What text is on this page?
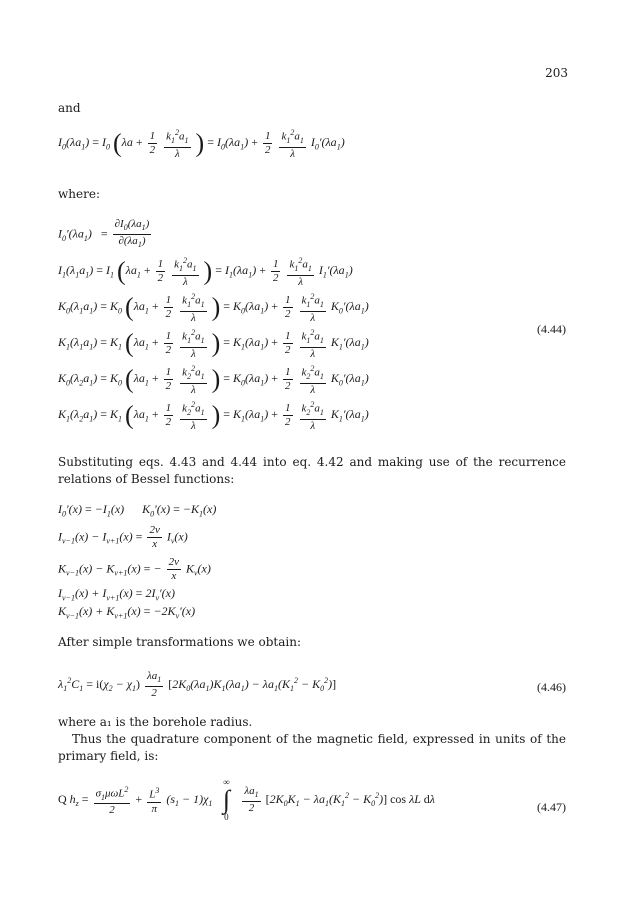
203
and
$I_0(\lambda a_1) = I_0$ ($\lambda a + \frac{1}{2}$
$\frac{k_1^2a_1}{\lambda}$ ) = $I_0(\lambda a_1) + \frac{1}{2}$
$\frac{k_1^2a_1}{\lambda} I_0'(\lambda a_1)$
where:
$I_0'(\lambda a_1) = \frac{\partial I_0(\lambda a_1)}{\partial(\lambda a_1)}$
$I_1(\lambda_1a_1) = I_1$ ($\lambda a_1 + \frac{1}{2}$
$\frac{k_1^2a_1}{\lambda}$ ) = $I_1(\lambda a_1) + \frac{1}{2}$
$\frac{k_1^2a_1}{\lambda} I_1'(\lambda a_1)$
$K_0(\lambda_1a_1) = K_0$ ($\lambda a_1 + \frac{1}{2}$
$\frac{k_1^2a_1}{\lambda}$ ) = $K_0(\lambda a_1) + \frac{1}{2}$
$\frac{k_1^2a_1}{\lambda} K_0'(\lambda a_1)$
(4.44)
$K_1(\lambda_1a_1) = K_1$ ($\lambda a_1 + \frac{1}{2}$
$\frac{k_1^2a_1}{\lambda}$ ) = $K_1(\lambda a_1) + \frac{1}{2}$
$\frac{k_1^2a_1}{\lambda} K_1'(\lambda a_1)$
$K_0(\lambda_2a_1) = K_0$ ($\lambda a_1 + \frac{1}{2}$
$\frac{k_2^2a_1}{\lambda}$ ) = $K_0(\lambda a_1) + \frac{1}{2}$
$\frac{k_2^2a_1}{\lambda} K_0'(\lambda a_1)$
$K_1(\lambda_2a_1) = K_1$ ($\lambda a_1 + \frac{1}{2}$
$\frac{k_2^2a_1}{\lambda}$ ) = $K_1(\lambda a_1) + \frac{1}{2}$
$\frac{k_2^2a_1}{\lambda} K_1'(\lambda a_1)$
Substituting eqs. 4.43 and 4.44 into eq. 4.42 and making use of the recurrence relations of Bessel functions:
$I_0'(x) = -I_1(x)$      $K_0'(x) = -K_1(x)$
$I_{v-1}(x) - I_{v+1}(x) = \frac{2v}{x} I_v(x)$
$K_{v-1}(x) - K_{v+1}(x)$ = − $\frac{2v}{x} K_v(x)$
$I_{v-1}(x) + I_{v+1}(x) = 2I_v'(x)$
$K_{v-1}(x) + K_{v+1}(x) = -2K_v'(x)$
After simple transformations we obtain:
$\lambda_1^2C_1 = i(\chi_2 - \chi_1) \frac{\lambda a_1}{2} [2K_0(\lambda a_1)K_1(\lambda a_1) - \lambda a_1(K_1^2 - K_0^2)]$	(4.46)
where a₁ is the borehole radius.
Thus the quadrature component of the magnetic field, expressed in units of the primary field, is:
Q $h_z = \frac{\sigma_1\mu\omega L^2}{2} + \frac{L^3}{\pi} (s_1 - 1)\chi_1$
∞
∫
0

$\frac{\lambda a_1}{2} [2K_0K_1 - \lambda a_1(K_1^2 - K_0^2)]$ cos λL dλ
(4.47)
